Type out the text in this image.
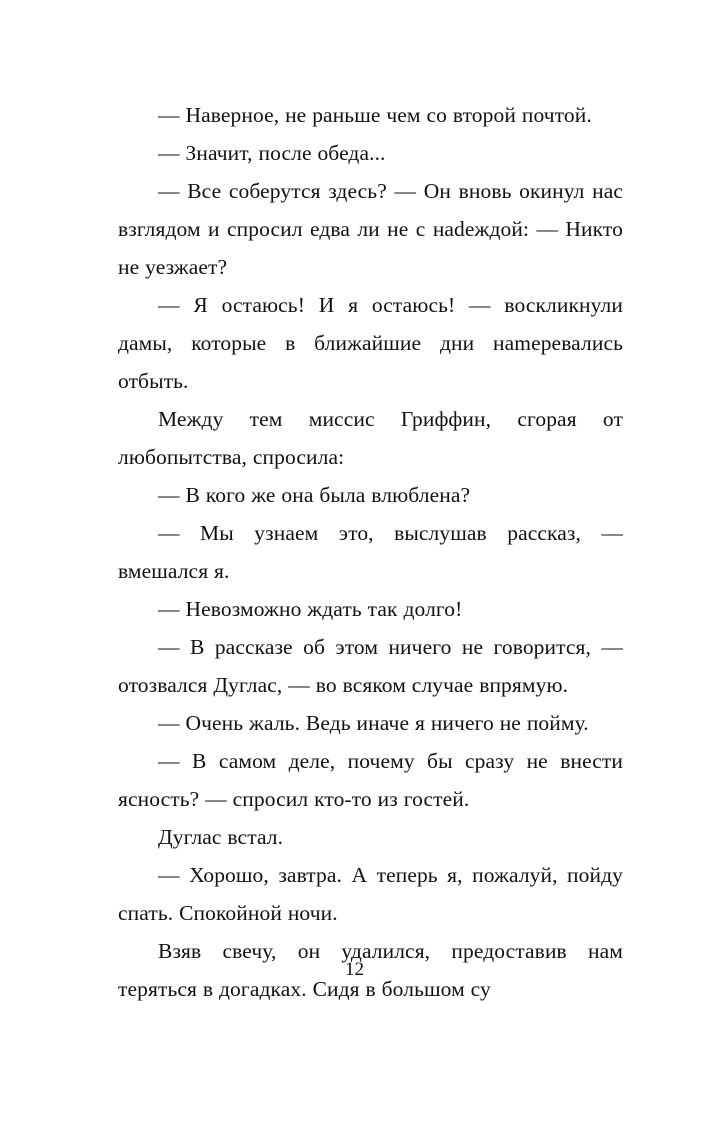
— Наверное, не раньше чем со второй почтой.

— Значит, после обеда...

— Все соберутся здесь? — Он вновь окинул нас взглядом и спросил едва ли не с наdеждой: — Никто не уезжает?

— Я остаюсь! И я остаюсь! — воскликнули дамы, которые в ближайшие дни наmеревались отбыть.

Между тем миссис Гриффин, сгорая от любопытства, спросила:

— В кого же она была влюблена?

— Мы узнаем это, выслушав рассказ, — вмешался я.

— Невозможно ждать так долго!

— В рассказе об этом ничего не говорится, — отозвался Дуглас, — во всяком случае впрямую.

— Очень жаль. Ведь иначе я ничего не пойму.

— В самом деле, почему бы сразу не внести ясность? — спросил кто-то из гостей.

Дуглас встал.

— Хорошо, завтра. А теперь я, пожалуй, пойду спать. Спокойной ночи.

Взяв свечу, он удалился, предоставив нам теряться в догадках. Сидя в большом су

12
